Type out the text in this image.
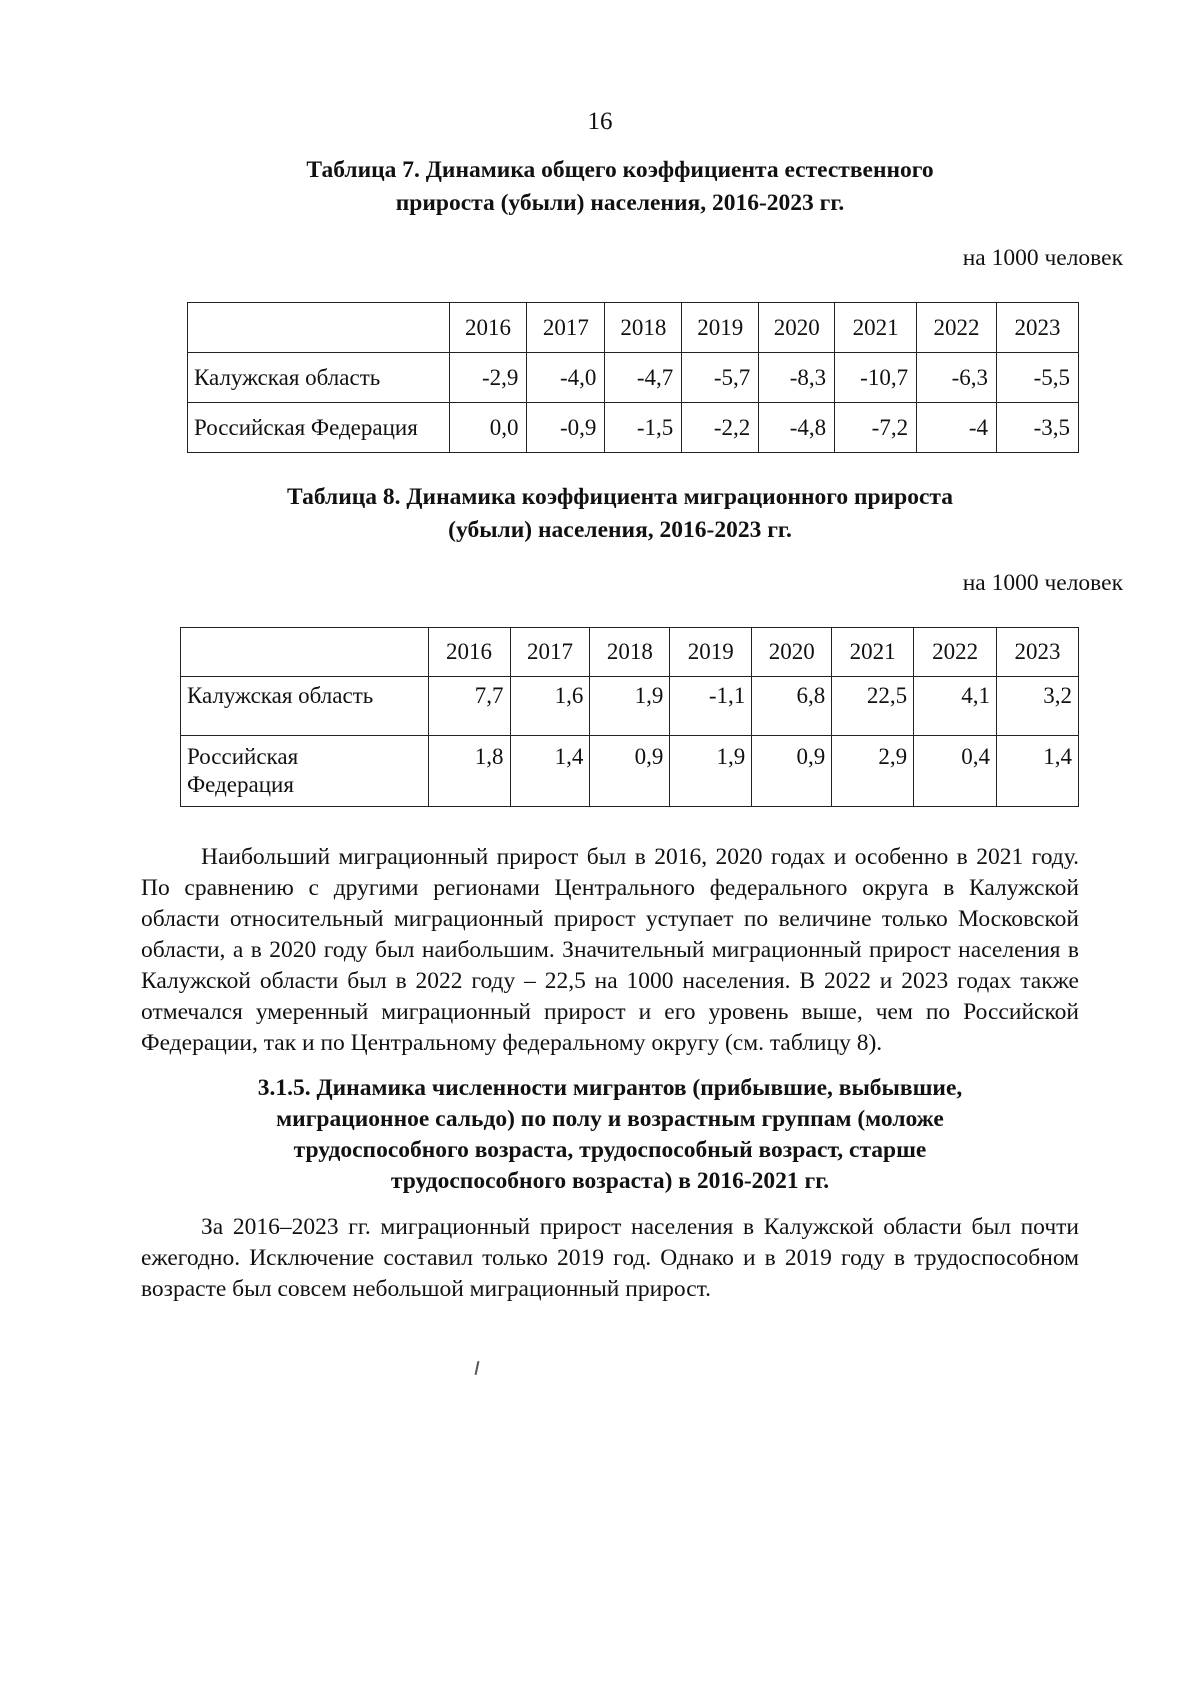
16
Таблица 7. Динамика общего коэффициента естественного
прироста (убыли) населения, 2016-2023 гг.
на 1000 человек
	2016	2017	2018	2019	2020	2021	2022	2023
Калужская область	-2,9	-4,0	-4,7	-5,7	-8,3	-10,7	-6,3	-5,5
Российская Федерация	0,0	-0,9	-1,5	-2,2	-4,8	-7,2	-4	-3,5
Таблица 8. Динамика коэффициента миграционного прироста
(убыли) населения, 2016-2023 гг.
на 1000 человек
	2016	2017	2018	2019	2020	2021	2022	2023
Калужская область	7,7	1,6	1,9	-1,1	6,8	22,5	4,1	3,2

Российская
Федерация	1,8	1,4	0,9	1,9	0,9	2,9	0,4	1,4
Наибольший миграционный прирост был в 2016, 2020 годах и особенно в 2021 году. По сравнению с другими регионами Центрального федерального округа в Калужской области относительный миграционный прирост уступает по величине только Московской области, а в 2020 году был наибольшим. Значительный миграционный прирост населения в Калужской области был в 2022 году – 22,5 на 1000 населения. В 2022 и 2023 годах также отмечался умеренный миграционный прирост и его уровень выше, чем по Российской Федерации, так и по Центральному федеральному округу (см. таблицу 8).
3.1.5. Динамика численности мигрантов (прибывшие, выбывшие,
миграционное сальдо) по полу и возрастным группам (моложе
трудоспособного возраста, трудоспособный возраст, старше
трудоспособного возраста) в 2016-2021 гг.
За 2016–2023 гг. миграционный прирост населения в Калужской области был почти ежегодно. Исключение составил только 2019 год. Однако и в 2019 году в трудоспособном возрасте был совсем небольшой миграционный прирост.
